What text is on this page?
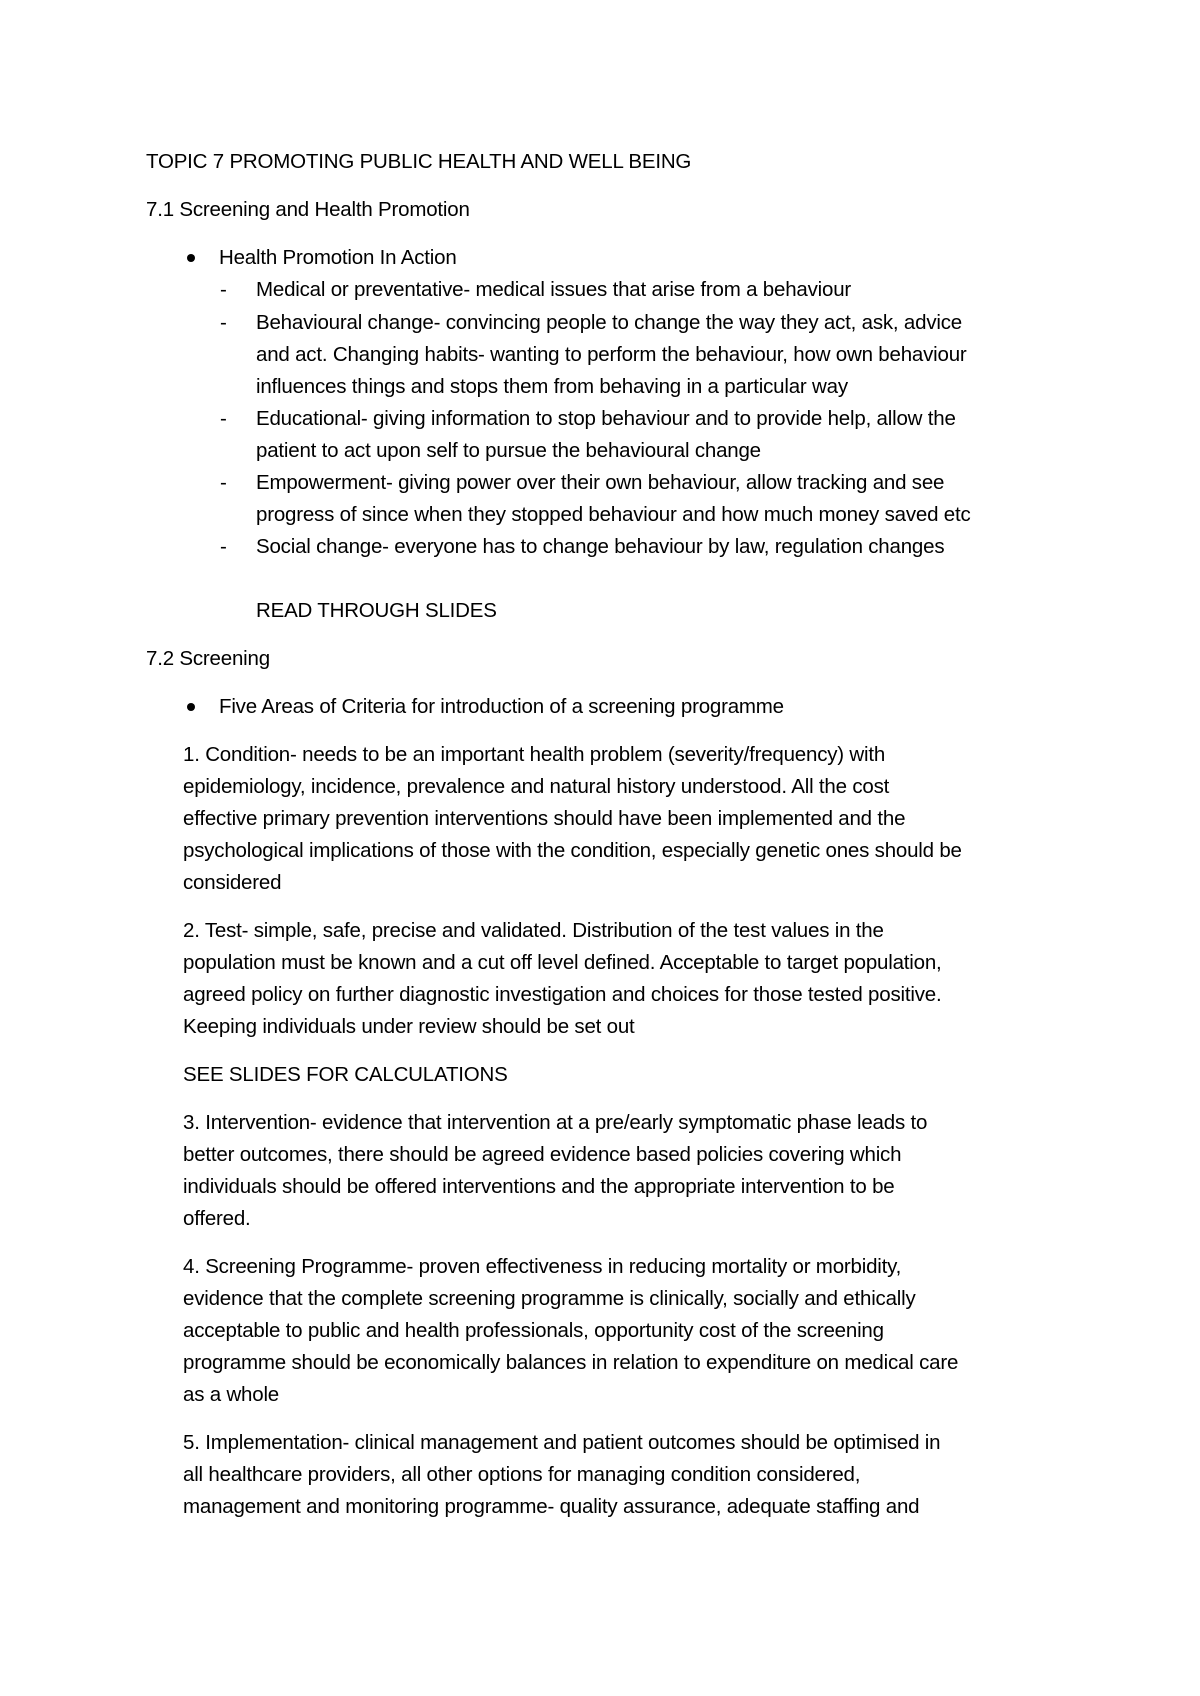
TOPIC 7 PROMOTING PUBLIC HEALTH AND WELL BEING
7.1 Screening and Health Promotion
Health Promotion In Action
- Medical or preventative- medical issues that arise from a behaviour
- Behavioural change- convincing people to change the way they act, ask, advice
and act. Changing habits- wanting to perform the behaviour, how own behaviour
influences things and stops them from behaving in a particular way
- Educational- giving information to stop behaviour and to provide help, allow the
patient to act upon self to pursue the behavioural change
- Empowerment- giving power over their own behaviour, allow tracking and see
progress of since when they stopped behaviour and how much money saved etc
- Social change- everyone has to change behaviour by law, regulation changes
READ THROUGH SLIDES
7.2 Screening
Five Areas of Criteria for introduction of a screening programme
1. Condition- needs to be an important health problem (severity/frequency) with
epidemiology, incidence, prevalence and natural history understood. All the cost
effective primary prevention interventions should have been implemented and the
psychological implications of those with the condition, especially genetic ones should be
considered
2. Test- simple, safe, precise and validated. Distribution of the test values in the
population must be known and a cut off level defined. Acceptable to target population,
agreed policy on further diagnostic investigation and choices for those tested positive.
Keeping individuals under review should be set out
SEE SLIDES FOR CALCULATIONS
3. Intervention- evidence that intervention at a pre/early symptomatic phase leads to
better outcomes, there should be agreed evidence based policies covering which
individuals should be offered interventions and the appropriate intervention to be
offered.
4. Screening Programme- proven effectiveness in reducing mortality or morbidity,
evidence that the complete screening programme is clinically, socially and ethically
acceptable to public and health professionals, opportunity cost of the screening
programme should be economically balances in relation to expenditure on medical care
as a whole
5. Implementation- clinical management and patient outcomes should be optimised in
all healthcare providers, all other options for managing condition considered,
management and monitoring programme- quality assurance, adequate staffing and
